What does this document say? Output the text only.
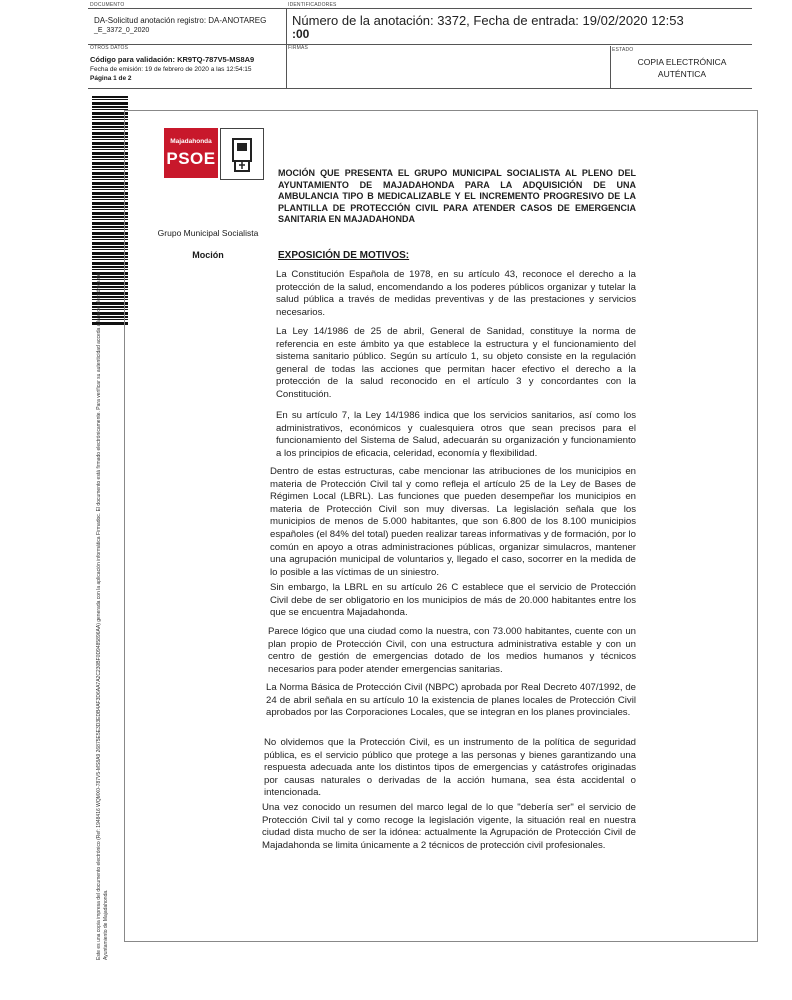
DOCUMENTO
DA-Solicitud anotación registro: DA-ANOTAREG
_E_3372_0_2020
IDENTIFICADORES
Número de la anotación: 3372, Fecha de entrada: 19/02/2020 12:53
:00
OTROS DATOS
Código para validación: KR9TQ-787V5-MS8A9
Fecha de emisión: 19 de febrero de 2020 a las 12:54:15
Página 1 de 2
FIRMAS	ESTADO
COPIA ELECTRÓNICA
AUTÉNTICA
Este es una copia impresa del documento electrónico (Ref: 1948416 WQMX0-787V5-MS8A9 26875E5E3D3EDB4AF3D6AA7A2C230BF0D9485896AA) generada con la aplicación informática Firmadoc. El documento está firmado electrónicamente. Para verificar su autenticidad acceda a la sede electrónica del Ayuntamiento de Majadahonda.
Majadahonda
PSOE
Grupo Municipal Socialista
Moción
MOCIÓN QUE PRESENTA EL GRUPO MUNICIPAL SOCIALISTA AL PLENO DEL AYUNTAMIENTO DE MAJADAHONDA PARA LA ADQUISICIÓN DE UNA AMBULANCIA TIPO B MEDICALIZABLE Y EL INCREMENTO PROGRESIVO DE LA PLANTILLA DE PROTECCIÓN CIVIL PARA ATENDER CASOS DE EMERGENCIA SANITARIA EN MAJADAHONDA
EXPOSICIÓN DE MOTIVOS:
La Constitución Española de 1978, en su artículo 43, reconoce el derecho a la protección de la salud, encomendando a los poderes públicos organizar y tutelar la salud pública a través de medidas preventivas y de las prestaciones y servicios necesarios.
La Ley 14/1986 de 25 de abril, General de Sanidad, constituye la norma de referencia en este ámbito ya que establece la estructura y el funcionamiento del sistema sanitario público. Según su artículo 1, su objeto consiste en la regulación general de todas las acciones que permitan hacer efectivo el derecho a la protección de la salud reconocido en el artículo 3 y concordantes con la Constitución.
En su artículo 7, la Ley 14/1986 indica que los servicios sanitarios, así como los administrativos, económicos y cualesquiera otros que sean precisos para el funcionamiento del Sistema de Salud, adecuarán su organización y funcionamiento a los principios de eficacia, celeridad, economía y flexibilidad.
Dentro de estas estructuras, cabe mencionar las atribuciones de los municipios en materia de Protección Civil tal y como refleja el artículo 25 de la Ley de Bases de Régimen Local (LBRL). Las funciones que pueden desempeñar los municipios en materia de Protección Civil son muy diversas. La legislación señala que los municipios de menos de 5.000 habitantes, que son 6.800 de los 8.100 municipios españoles (el 84% del total) pueden realizar tareas informativas y de formación, por lo común en apoyo a otras administraciones públicas, organizar simulacros, mantener una agrupación municipal de voluntarios y, llegado el caso, socorrer en la medida de lo posible a las víctimas de un siniestro.
Sin embargo, la LBRL en su artículo 26 C establece que el servicio de Protección Civil debe de ser obligatorio en los municipios de más de 20.000 habitantes entre los que se encuentra Majadahonda.
Parece lógico que una ciudad como la nuestra, con 73.000 habitantes, cuente con un plan propio de Protección Civil, con una estructura administrativa estable y con un centro de gestión de emergencias dotado de los medios humanos y técnicos necesarios para poder atender emergencias sanitarias.
La Norma Básica de Protección Civil (NBPC) aprobada por Real Decreto 407/1992, de 24 de abril señala en su artículo 10 la existencia de planes locales de Protección Civil aprobados por las Corporaciones Locales, que se integran en los planes provinciales.
No olvidemos que la Protección Civil, es un instrumento de la política de seguridad pública, es el servicio público que protege a las personas y bienes garantizando una respuesta adecuada ante los distintos tipos de emergencias y catástrofes originadas por causas naturales o derivadas de la acción humana, sea ésta accidental o intencionada.
Una vez conocido un resumen del marco legal de lo que "debería ser" el servicio de Protección Civil tal y como recoge la legislación vigente, la situación real en nuestra ciudad dista mucho de ser la idónea: actualmente la Agrupación de Protección Civil de Majadahonda se limita únicamente a 2 técnicos de protección civil profesionales.
